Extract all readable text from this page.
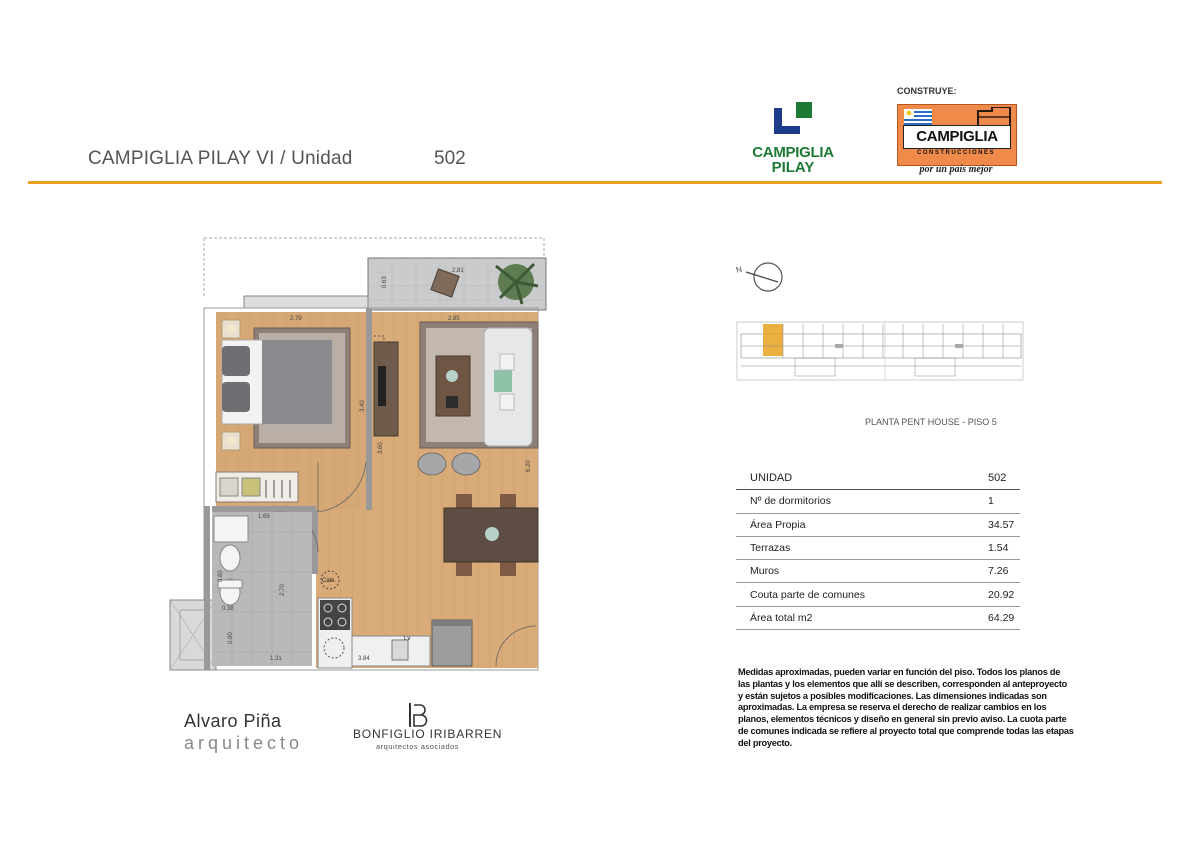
CAMPIGLIA PILAY VI / Unidad	502	CAMPIGLIA
PILAY
CONSTRUYE:
CAMPIGLIA
CONSTRUCCIONES
por un país mejor
2.81
0.63
2.79
3.40
1.69
0.80
2.70
0.38
0.90
1.31
3.60
2.85
6.20
Cale.
Lv
3.84
N
PLANTA PENT HOUSE - PISO 5
UNIDAD	502
Nº de dormitorios	1
Área Propia	34.57
Terrazas	1.54
Muros	7.26
Couta parte de comunes	20.92
Área total m2	64.29
Medidas aproximadas, pueden variar en función del piso. Todos los planos de las plantas y los elementos que allí se describen, corresponden al anteproyecto y están sujetos a posibles modificaciones. Las dimensiones indicadas son aproximadas. La empresa se reserva el derecho de realizar cambios en los planos, elementos técnicos y diseño en general sin previo aviso. La cuota parte de comunes indicada se refiere al proyecto total que comprende todas las etapas del proyecto.
Alvaro Piña
arquitecto	BONFIGLIO IRIBARREN
arquitectos asociados
